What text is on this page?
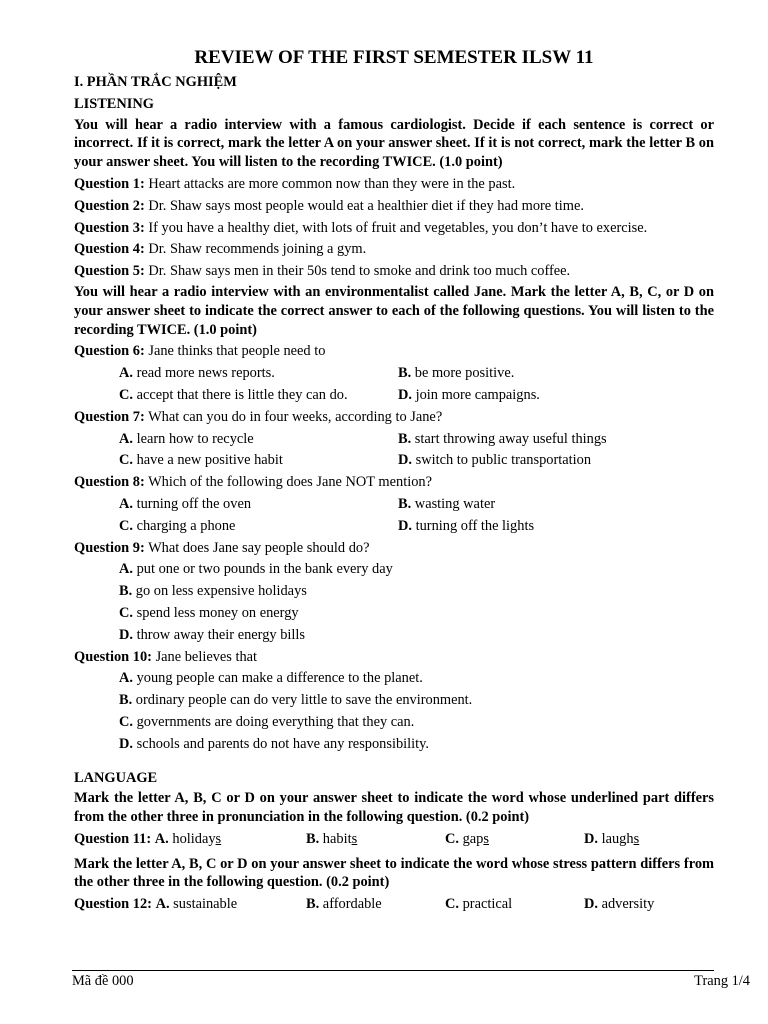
REVIEW OF THE FIRST SEMESTER ILSW 11

I. PHẦN TRẮC NGHIỆM

LISTENING

You will hear a radio interview with a famous cardiologist. Decide if each sentence is correct or incorrect. If it is correct, mark the letter A on your answer sheet. If it is not correct, mark the letter B on your answer sheet. You will listen to the recording TWICE. (1.0 point)

Question 1: Heart attacks are more common now than they were in the past.

Question 2: Dr. Shaw says most people would eat a healthier diet if they had more time.

Question 3: If you have a healthy diet, with lots of fruit and vegetables, you don’t have to exercise.

Question 4: Dr. Shaw recommends joining a gym.

Question 5: Dr. Shaw says men in their 50s tend to smoke and drink too much coffee.

You will hear a radio interview with an environmentalist called Jane. Mark the letter A, B, C, or D on your answer sheet to indicate the correct answer to each of the following questions. You will listen to the recording TWICE. (1.0 point)

Question 6: Jane thinks that people need to

A. read more news reports.	B. be more positive.
C. accept that there is little they can do.	D. join more campaigns.

Question 7: What can you do in four weeks, according to Jane?

A. learn how to recycle	B. start throwing away useful things
C. have a new positive habit	D. switch to public transportation

Question 8: Which of the following does Jane NOT mention?

A. turning off the oven	B. wasting water
C. charging a phone	D. turning off the lights

Question 9: What does Jane say people should do?

A. put one or two pounds in the bank every day
B. go on less expensive holidays
C. spend less money on energy
D. throw away their energy bills

Question 10: Jane believes that

A. young people can make a difference to the planet.
B. ordinary people can do very little to save the environment.
C. governments are doing everything that they can.
D. schools and parents do not have any responsibility.

LANGUAGE

Mark the letter A, B, C or D on your answer sheet to indicate the word whose underlined part differs from the other three in pronunciation in the following question. (0.2 point)

Question 11: A. holidays	B. habits	C. gaps	D. laughs

Mark the letter A, B, C or D on your answer sheet to indicate the word whose stress pattern differs from the other three in the following question. (0.2 point)

Question 12: A. sustainable	B. affordable	C. practical	D. adversity
Mã đề 000	Trang 1/4
